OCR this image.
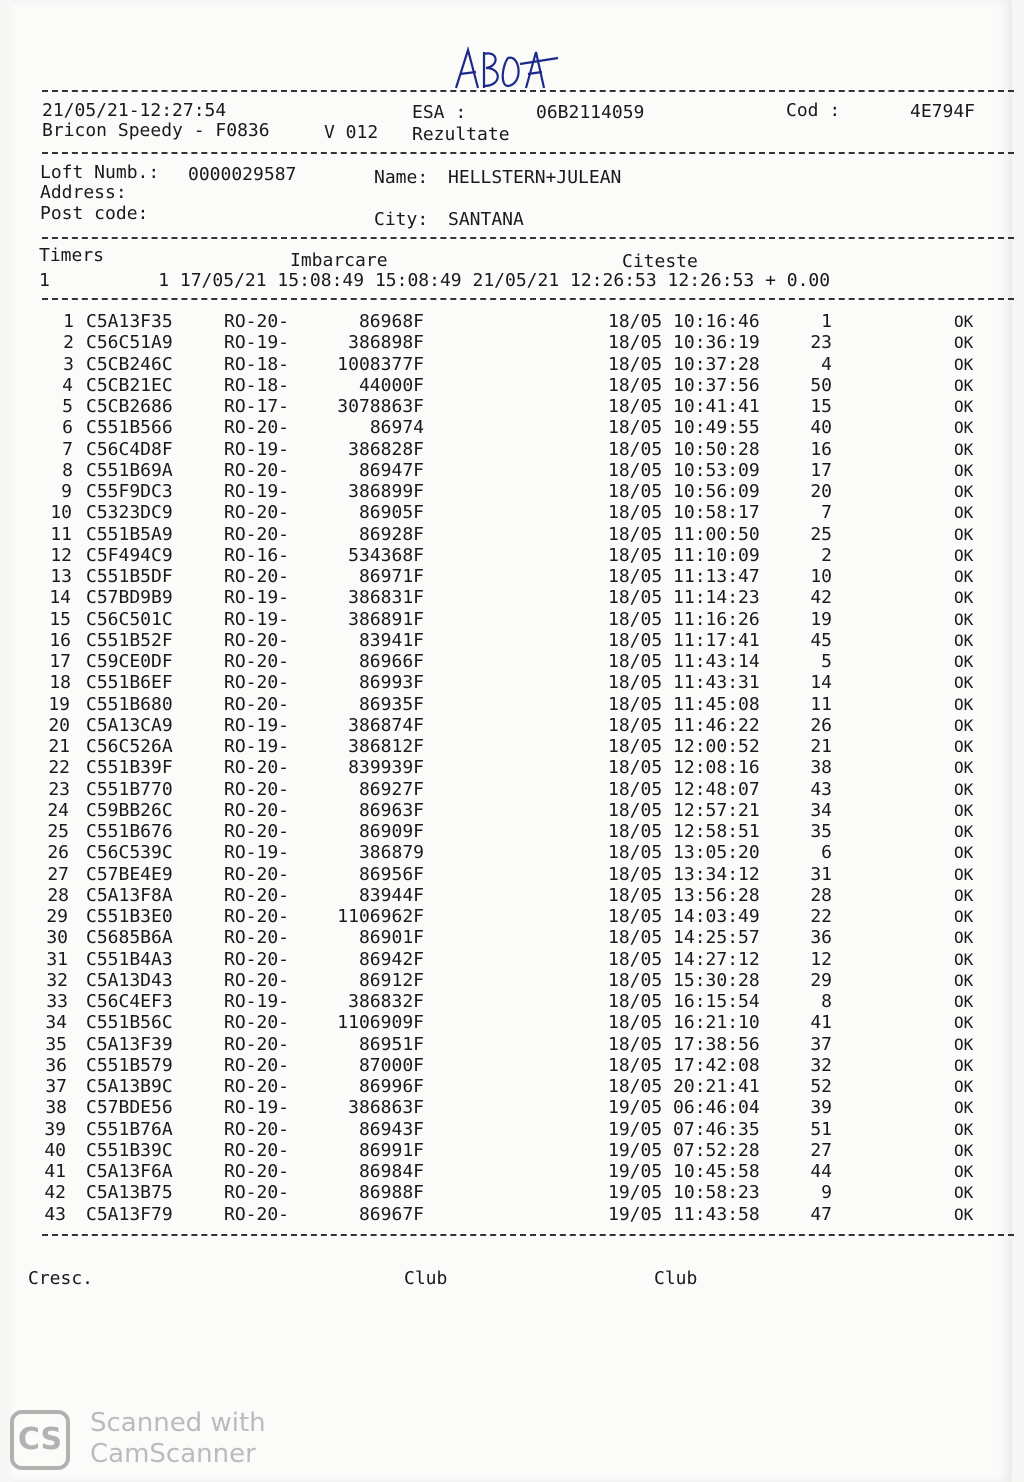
21/05/21-12:27:54	ESA :	06B2114059	Cod :	4E794F
Bricon Speedy - F0836	V 012 Rezultate
Loft Numb.: 0000029587	Name: HELLSTERN+JULEAN
Address:
Post code:	City: SANTANA
Timers	Imbarcare	Citeste
1          1 17/05/21 15:08:49 15:08:49 21/05/21 12:26:53 12:26:53 + 0.00
1 C5A13F35	RO-20-	86968F	18/05 10:16:46	1	OK
2 C56C51A9	RO-19-	386898F	18/05 10:36:19	23	OK
3 C5CB246C	RO-18-	1008377F	18/05 10:37:28	4	OK
4 C5CB21EC	RO-18-	44000F	18/05 10:37:56	50	OK
5 C5CB2686	RO-17-	3078863F	18/05 10:41:41	15	OK
6 C551B566	RO-20-	86974	18/05 10:49:55	40	OK
7 C56C4D8F	RO-19-	386828F	18/05 10:50:28	16	OK
8 C551B69A	RO-20-	86947F	18/05 10:53:09	17	OK
9 C55F9DC3	RO-19-	386899F	18/05 10:56:09	20	OK
10 C5323DC9	RO-20-	86905F	18/05 10:58:17	7	OK
11 C551B5A9	RO-20-	86928F	18/05 11:00:50	25	OK
12 C5F494C9	RO-16-	534368F	18/05 11:10:09	2	OK
13 C551B5DF	RO-20-	86971F	18/05 11:13:47	10	OK
14 C57BD9B9	RO-19-	386831F	18/05 11:14:23	42	OK
15 C56C501C	RO-19-	386891F	18/05 11:16:26	19	OK
16 C551B52F	RO-20-	83941F	18/05 11:17:41	45	OK
17 C59CE0DF	RO-20-	86966F	18/05 11:43:14	5	OK
18 C551B6EF	RO-20-	86993F	18/05 11:43:31	14	OK
19 C551B680	RO-20-	86935F	18/05 11:45:08	11	OK
20 C5A13CA9	RO-19-	386874F	18/05 11:46:22	26	OK
21 C56C526A	RO-19-	386812F	18/05 12:00:52	21	OK
22 C551B39F	RO-20-	839939F	18/05 12:08:16	38	OK
23 C551B770	RO-20-	86927F	18/05 12:48:07	43	OK
24 C59BB26C	RO-20-	86963F	18/05 12:57:21	34	OK
25 C551B676	RO-20-	86909F	18/05 12:58:51	35	OK
26 C56C539C	RO-19-	386879	18/05 13:05:20	6	OK
27 C57BE4E9	RO-20-	86956F	18/05 13:34:12	31	OK
28 C5A13F8A	RO-20-	83944F	18/05 13:56:28	28	OK
29 C551B3E0	RO-20-	1106962F	18/05 14:03:49	22	OK
30 C5685B6A	RO-20-	86901F	18/05 14:25:57	36	OK
31 C551B4A3	RO-20-	86942F	18/05 14:27:12	12	OK
32 C5A13D43	RO-20-	86912F	18/05 15:30:28	29	OK
33 C56C4EF3	RO-19-	386832F	18/05 16:15:54	8	OK
34 C551B56C	RO-20-	1106909F	18/05 16:21:10	41	OK
35 C5A13F39	RO-20-	86951F	18/05 17:38:56	37	OK
36 C551B579	RO-20-	87000F	18/05 17:42:08	32	OK
37 C5A13B9C	RO-20-	86996F	18/05 20:21:41	52	OK
38 C57BDE56	RO-19-	386863F	19/05 06:46:04	39	OK
39 C551B76A	RO-20-	86943F	19/05 07:46:35	51	OK
40 C551B39C	RO-20-	86991F	19/05 07:52:28	27	OK
41 C5A13F6A	RO-20-	86984F	19/05 10:45:58	44	OK
42 C5A13B75	RO-20-	86988F	19/05 10:58:23	9	OK
43 C5A13F79	RO-20-	86967F	19/05 11:43:58	47	OK
Cresc.	Club	Club
CS	Scanned with
CamScanner
